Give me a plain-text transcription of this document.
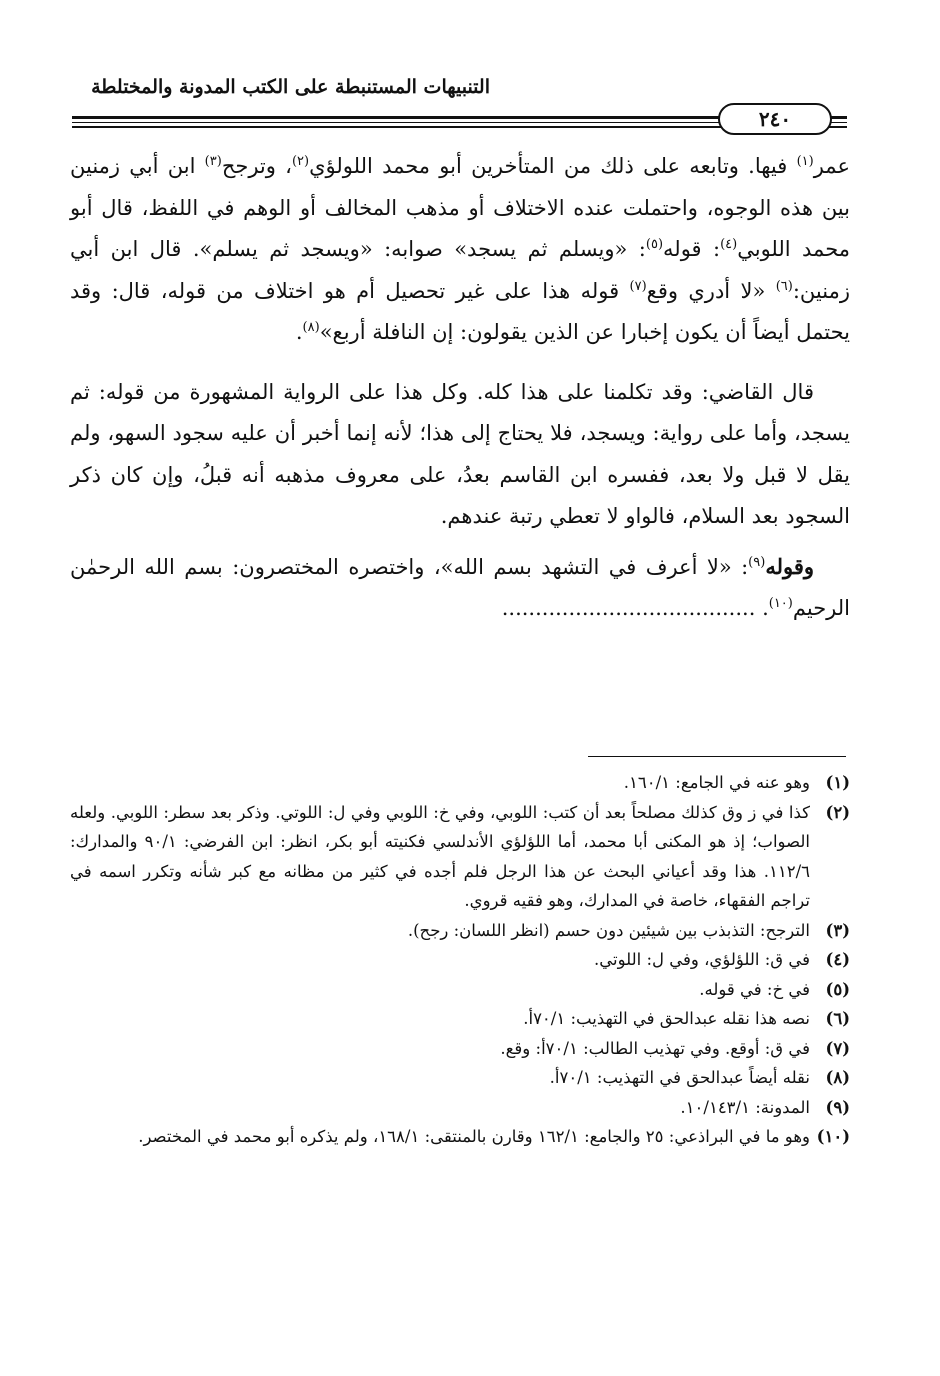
التنبيهات المستنبطة على الكتب المدونة والمختلطة
٢٤٠

عمر$^{(١)}$ فيها. وتابعه على ذلك من المتأخرين أبو محمد اللولؤي$^{(٢)}$، وترجح$^{(٣)}$ ابن أبي زمنين بين هذه الوجوه، واحتملت عنده الاختلاف أو مذهب المخالف أو الوهم في اللفظ، قال أبو محمد اللوبي$^{(٤)}$: قوله$^{(٥)}$: «ويسلم ثم يسجد» صوابه: «ويسجد ثم يسلم». قال ابن أبي زمنين:$^{(٦)}$ «لا أدري وقع$^{(٧)}$ قوله هذا على غير تحصيل أم هو اختلاف من قوله، قال: وقد يحتمل أيضاً أن يكون إخبارا عن الذين يقولون: إن النافلة أربع»$^{(٨)}$.

قال القاضي: وقد تكلمنا على هذا كله. وكل هذا على الرواية المشهورة من قوله: ثم يسجد، وأما على رواية: ويسجد، فلا يحتاج إلى هذا؛ لأنه إنما أخبر أن عليه سجود السهو، ولم يقل لا قبل ولا بعد، ففسره ابن القاسم بعدُ، على معروف مذهبه أنه قبلُ، وإن كان ذكر السجود بعد السلام، فالواو لا تعطي رتبة عندهم.

وقوله$^{(٩)}$: «لا أعرف في التشهد بسم الله»، واختصره المختصرون: بسم الله الرحمٰن الرحيم$^{(١٠)}$. ......................................

(١)
وهو عنه في الجامع: ١٦٠/١.
(٢)
كذا في ز وق كذلك مصلحاً بعد أن كتب: اللوبي، وفي خ: اللوبي وفي ل: اللوتي. وذكر بعد سطر: اللوبي. ولعله الصواب؛ إذ هو المكنى أبا محمد، أما اللؤلؤي الأندلسي فكنيته أبو بكر، انظر: ابن الفرضي: ٩٠/١ والمدارك: ١١٢/٦. هذا وقد أعياني البحث عن هذا الرجل فلم أجده في كثير من مظانه مع كبر شأنه وتكرر اسمه في تراجم الفقهاء، خاصة في المدارك، وهو فقيه قروي.
(٣)
الترجح: التذبذب بين شيئين دون حسم (انظر اللسان: رجح).
(٤)
في ق: اللؤلؤي، وفي ل: اللوتي.
(٥)
في خ: في قوله.
(٦)
نصه هذا نقله عبدالحق في التهذيب: ٧٠/١أ.
(٧)
في ق: أوقع. وفي تهذيب الطالب: ٧٠/١أ: وقع.
(٨)
نقله أيضاً عبدالحق في التهذيب: ٧٠/١أ.
(٩)
المدونة: ١٠/١٤٣/١.
(١٠)
وهو ما في البراذعي: ٢٥ والجامع: ١٦٢/١ وقارن بالمنتقى: ١٦٨/١، ولم يذكره أبو محمد في المختصر.
